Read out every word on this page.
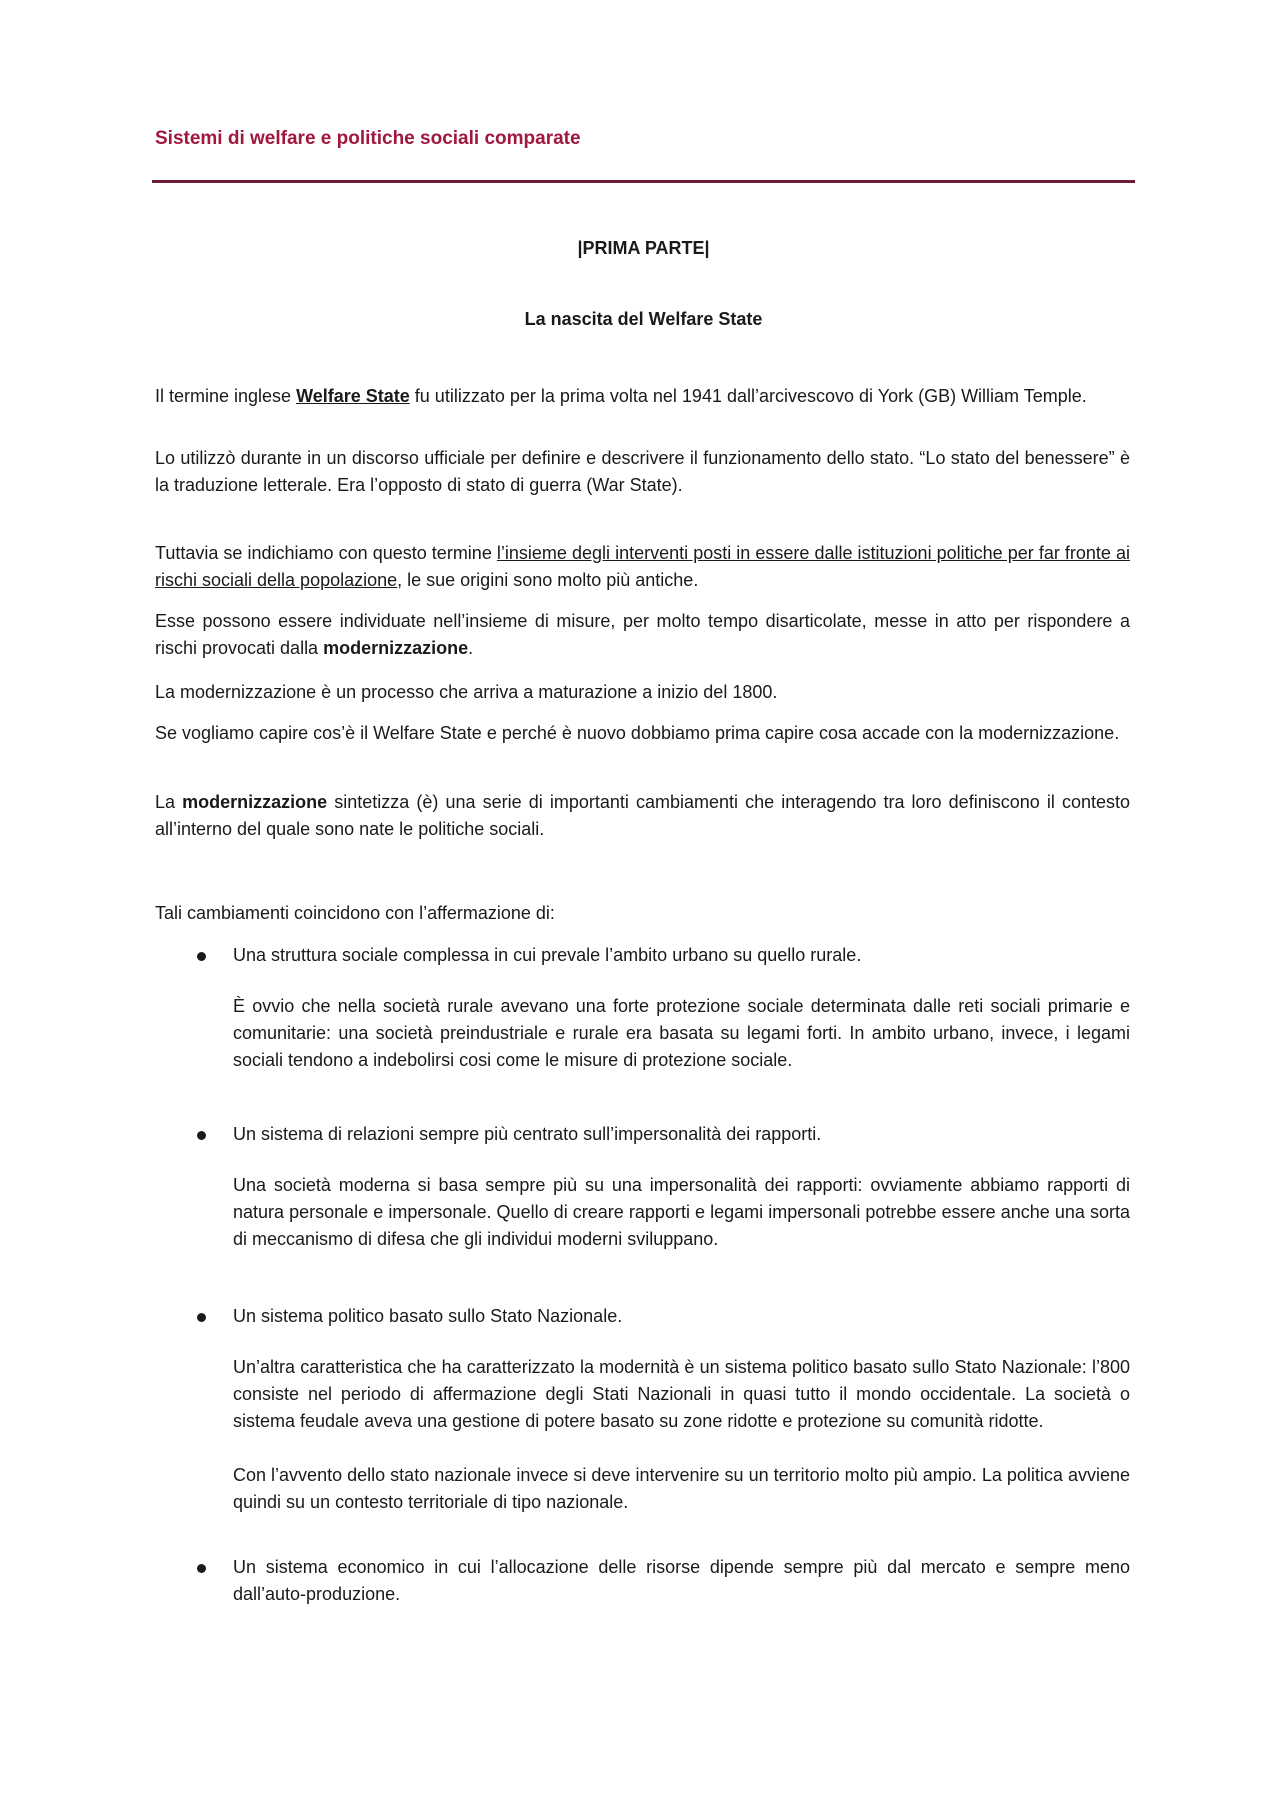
Sistemi di welfare e politiche sociali comparate
|PRIMA PARTE|
La nascita del Welfare State

Il termine inglese Welfare State fu utilizzato per la prima volta nel 1941 dall’arcivescovo di York (GB) William Temple.

Lo utilizzò durante in un discorso ufficiale per definire e descrivere il funzionamento dello stato. “Lo stato del benessere” è la traduzione letterale. Era l’opposto di stato di guerra (War State).

Tuttavia se indichiamo con questo termine l’insieme degli interventi posti in essere dalle istituzioni politiche per far fronte ai rischi sociali della popolazione, le sue origini sono molto più antiche.

Esse possono essere individuate nell’insieme di misure, per molto tempo disarticolate, messe in atto per rispondere a rischi provocati dalla modernizzazione.

La modernizzazione è un processo che arriva a maturazione a inizio del 1800.

Se vogliamo capire cos’è il Welfare State e perché è nuovo dobbiamo prima capire cosa accade con la modernizzazione.

La modernizzazione sintetizza (è) una serie di importanti cambiamenti che interagendo tra loro definiscono il contesto all’interno del quale sono nate le politiche sociali.

Tali cambiamenti coincidono con l’affermazione di:

Una struttura sociale complessa in cui prevale l’ambito urbano su quello rurale.

È ovvio che nella società rurale avevano una forte protezione sociale determinata dalle reti sociali primarie e comunitarie: una società preindustriale e rurale era basata su legami forti. In ambito urbano, invece, i legami sociali tendono a indebolirsi cosi come le misure di protezione sociale.

Un sistema di relazioni sempre più centrato sull’impersonalità dei rapporti.

Una società moderna si basa sempre più su una impersonalità dei rapporti: ovviamente abbiamo rapporti di natura personale e impersonale. Quello di creare rapporti e legami impersonali potrebbe essere anche una sorta di meccanismo di difesa che gli individui moderni sviluppano.

Un sistema politico basato sullo Stato Nazionale.

Un’altra caratteristica che ha caratterizzato la modernità è un sistema politico basato sullo Stato Nazionale: l’800 consiste nel periodo di affermazione degli Stati Nazionali in quasi tutto il mondo occidentale. La società o sistema feudale aveva una gestione di potere basato su zone ridotte e protezione su comunità ridotte.

Con l’avvento dello stato nazionale invece si deve intervenire su un territorio molto più ampio. La politica avviene quindi su un contesto territoriale di tipo nazionale.

Un sistema economico in cui l’allocazione delle risorse dipende sempre più dal mercato e sempre meno dall’auto-produzione.
